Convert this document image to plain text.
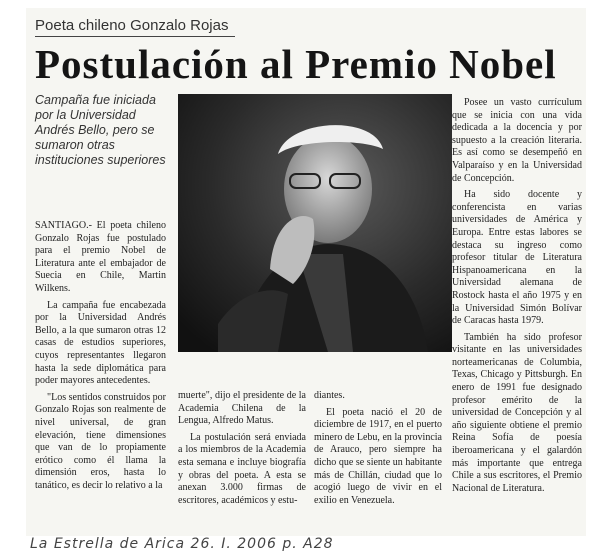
Poeta chileno Gonzalo Rojas
Postulación al Premio Nobel
Campaña fue iniciada por la Universidad Andrés Bello, pero se sumaron otras instituciones superiores

SANTIAGO.- El poeta chileno Gonzalo Rojas fue postulado para el premio Nobel de Literatura ante el embajador de Suecia en Chile, Martin Wilkens.

La campaña fue encabezada por la Universidad Andrés Bello, a la que sumaron otras 12 casas de estudios superiores, cuyos representantes llegaron hasta la sede diplomática para poder mayores antecedentes.

"Los sentidos construidos por Gonzalo Rojas son realmente de nivel universal, de gran elevación, tiene dimensiones que van de lo propiamente erótico como él llama la dimensión eros, hasta lo tanático, es decir lo relativo a la

muerte", dijo el presidente de la Academia Chilena de la Lengua, Alfredo Matus.

La postulación será enviada a los miembros de la Academia esta semana e incluye biografía y obras del poeta. A esta se anexan 3.000 firmas de escritores, académicos y estu-

diantes.

El poeta nació el 20 de diciembre de 1917, en el puerto minero de Lebu, en la provincia de Arauco, pero siempre ha dicho que se siente un habitante más de Chillán, ciudad que lo acogió luego de vivir en el exilio en Venezuela.

Posee un vasto currículum que se inicia con una vida dedicada a la docencia y por supuesto a la creación literaria. Es así como se desempeñó en Valparaíso y en la Universidad de Concepción.

Ha sido docente y conferencista en varias universidades de América y Europa. Entre estas labores se destaca su ingreso como profesor titular de Literatura Hispanoamericana en la Universidad alemana de Rostock hasta el año 1975 y en la Universidad Simón Bolívar de Caracas hasta 1979.

También ha sido profesor visitante en las universidades norteamericanas de Columbia, Texas, Chicago y Pittsburgh. En enero de 1991 fue designado profesor emérito de la universidad de Concepción y al año siguiente obtiene el premio Reina Sofía de poesía iberoamericana y el galardón más importante que entrega Chile a sus escritores, el Premio Nacional de Literatura.

La Estrella de Arica 26. I. 2006 p. A28
